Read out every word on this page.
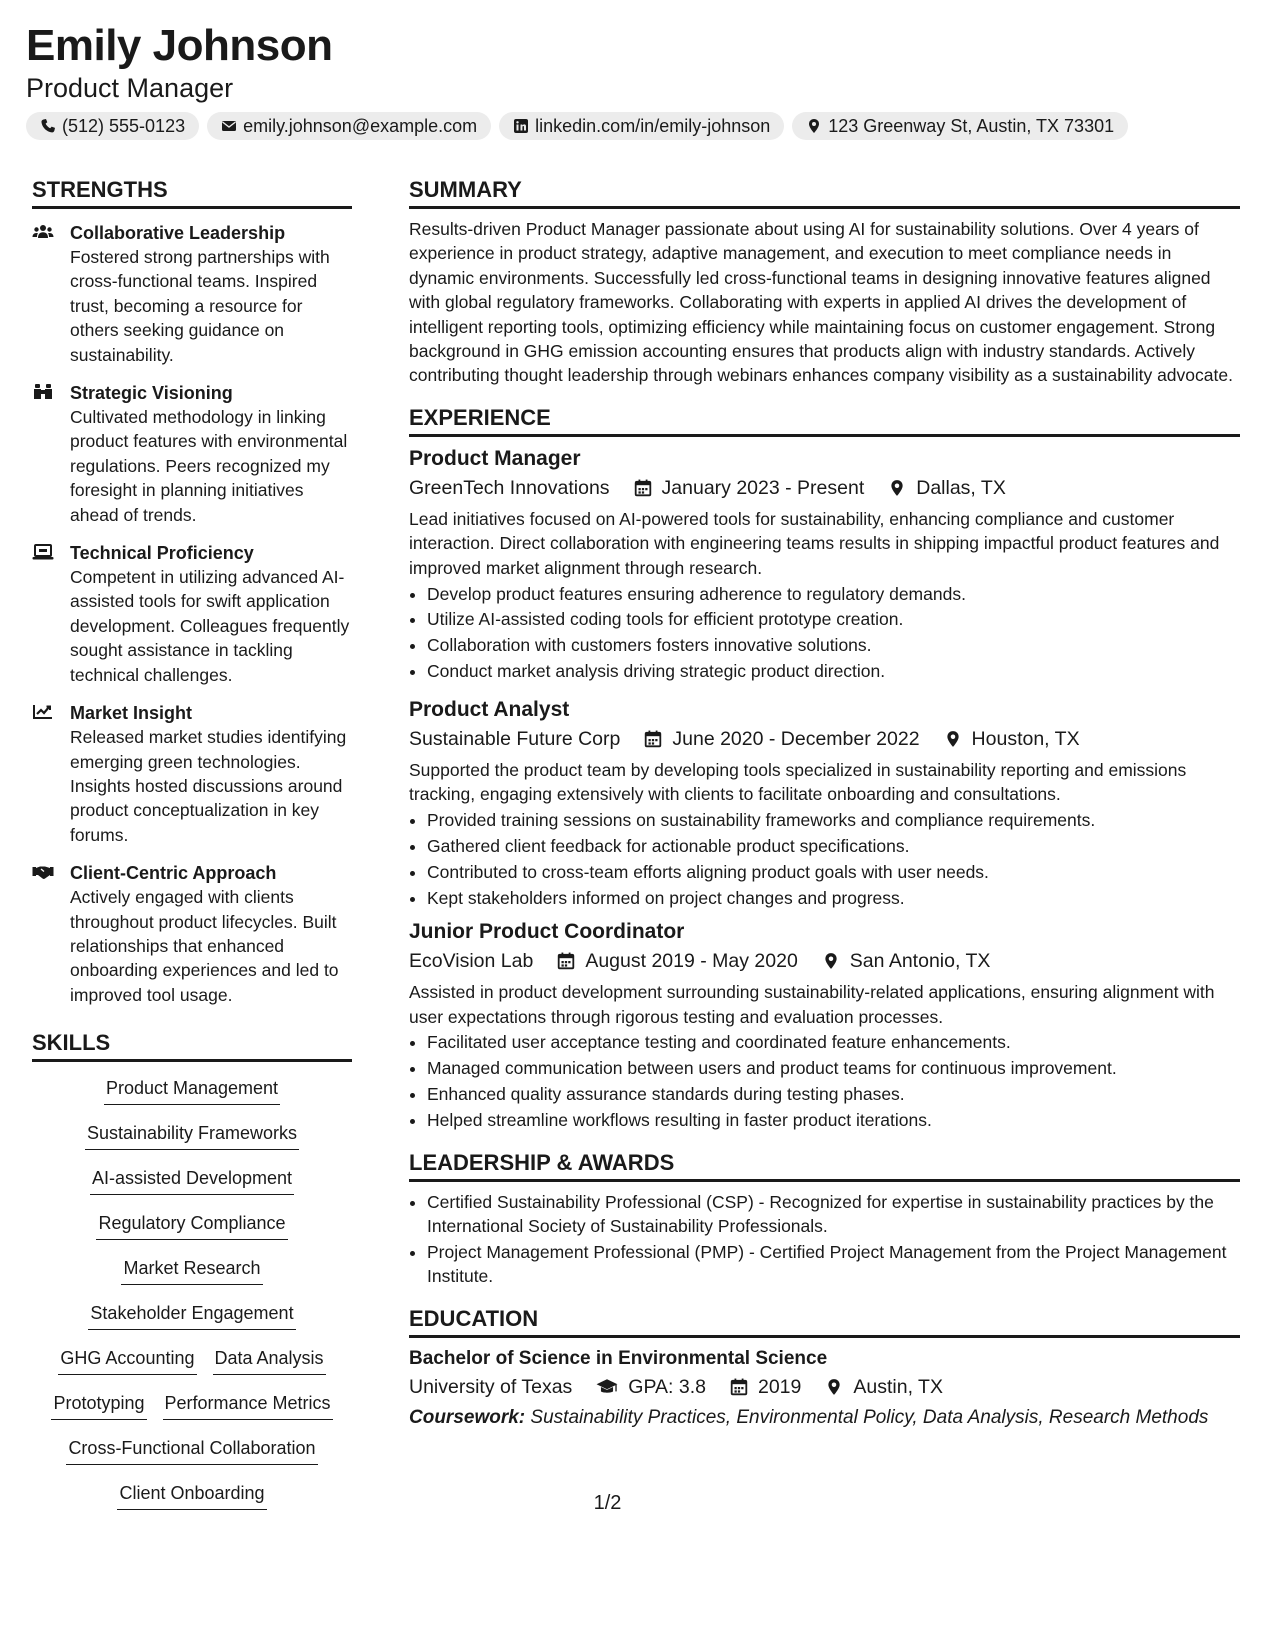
Emily Johnson
Product Manager
(512) 555-0123	emily.johnson@example.com	linkedin.com/in/emily-johnson	123 Greenway St, Austin, TX 73301
STRENGTHS
Collaborative Leadership
Fostered strong partnerships with cross-functional teams. Inspired trust, becoming a resource for others seeking guidance on sustainability.
Strategic Visioning
Cultivated methodology in linking product features with environmental regulations. Peers recognized my foresight in planning initiatives ahead of trends.
Technical Proficiency
Competent in utilizing advanced AI-assisted tools for swift application development. Colleagues frequently sought assistance in tackling technical challenges.
Market Insight
Released market studies identifying emerging green technologies. Insights hosted discussions around product conceptualization in key forums.
Client-Centric Approach
Actively engaged with clients throughout product lifecycles. Built relationships that enhanced onboarding experiences and led to improved tool usage.
SKILLS
Product Management
Sustainability Frameworks
AI-assisted Development
Regulatory Compliance
Market Research
Stakeholder Engagement
GHG Accounting Data Analysis
Prototyping Performance Metrics
Cross-Functional Collaboration
Client Onboarding
SUMMARY

Results-driven Product Manager passionate about using AI for sustainability solutions. Over 4 years of experience in product strategy, adaptive management, and execution to meet compliance needs in dynamic environments. Successfully led cross-functional teams in designing innovative features aligned with global regulatory frameworks. Collaborating with experts in applied AI drives the development of intelligent reporting tools, optimizing efficiency while maintaining focus on customer engagement. Strong background in GHG emission accounting ensures that products align with industry standards. Actively contributing thought leadership through webinars enhances company visibility as a sustainability advocate.

EXPERIENCE
Product Manager
GreenTech Innovations	January 2023 - Present	Dallas, TX

Lead initiatives focused on AI-powered tools for sustainability, enhancing compliance and customer interaction. Direct collaboration with engineering teams results in shipping impactful product features and improved market alignment through research.

• Develop product features ensuring adherence to regulatory demands.
• Utilize AI-assisted coding tools for efficient prototype creation.
• Collaboration with customers fosters innovative solutions.
• Conduct market analysis driving strategic product direction.
Product Analyst
Sustainable Future Corp	June 2020 - December 2022	Houston, TX

Supported the product team by developing tools specialized in sustainability reporting and emissions tracking, engaging extensively with clients to facilitate onboarding and consultations.

• Provided training sessions on sustainability frameworks and compliance requirements.
• Gathered client feedback for actionable product specifications.
• Contributed to cross-team efforts aligning product goals with user needs.
• Kept stakeholders informed on project changes and progress.
Junior Product Coordinator
EcoVision Lab	August 2019 - May 2020	San Antonio, TX

Assisted in product development surrounding sustainability-related applications, ensuring alignment with user expectations through rigorous testing and evaluation processes.

• Facilitated user acceptance testing and coordinated feature enhancements.
• Managed communication between users and product teams for continuous improvement.
• Enhanced quality assurance standards during testing phases.
• Helped streamline workflows resulting in faster product iterations.
LEADERSHIP & AWARDS
• Certified Sustainability Professional (CSP) - Recognized for expertise in sustainability practices by the International Society of Sustainability Professionals.
• Project Management Professional (PMP) - Certified Project Management from the Project Management Institute.
EDUCATION
Bachelor of Science in Environmental Science
University of Texas	GPA: 3.8	2019	Austin, TX
Coursework: Sustainability Practices, Environmental Policy, Data Analysis, Research Methods
1/2
